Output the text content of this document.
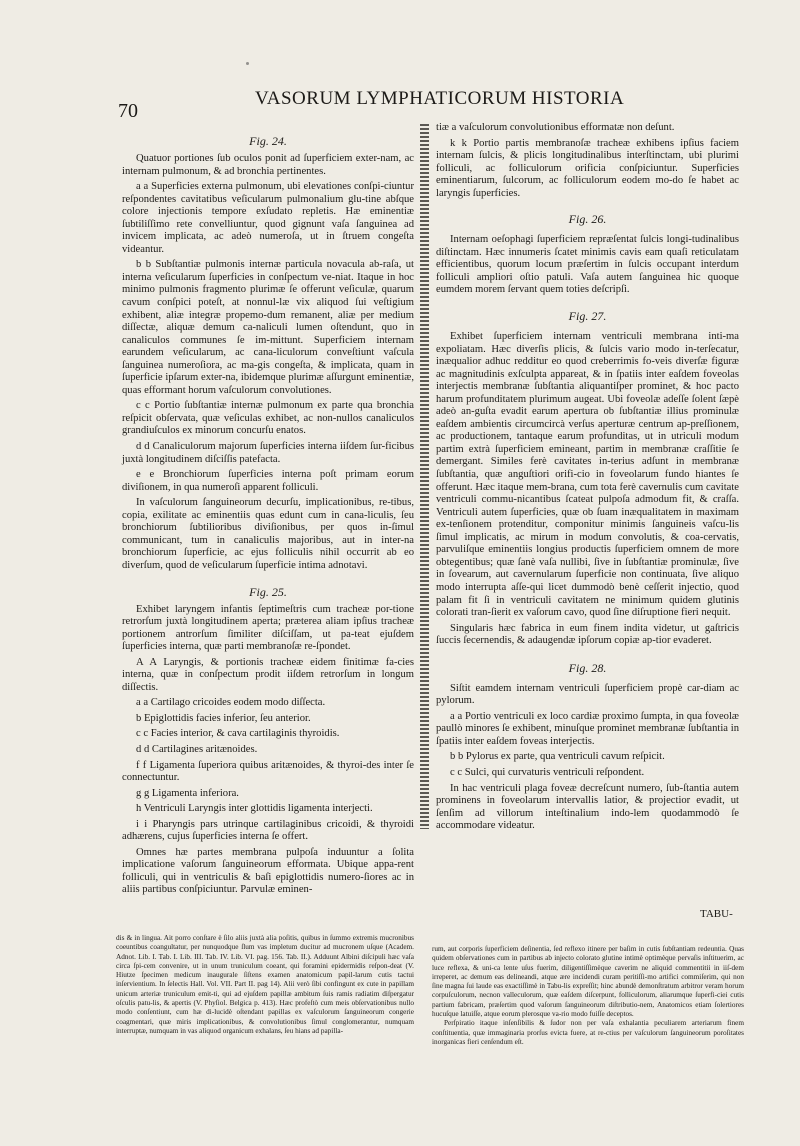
70
VASORUM LYMPHATICORUM HISTORIA
Fig. 24.

Quatuor portiones ſub oculos ponit ad ſuperficiem exter-nam, ac internam pulmonum, & ad bronchia pertinentes.

a a Superficies externa pulmonum, ubi elevationes conſpi-ciuntur reſpondentes cavitatibus veſicularum pulmonalium glu-tine abſque colore injectionis tempore exſudato repletis. Hæ eminentiæ ſubtiliſſimo rete convelliuntur, quod gignunt vaſa ſanguinea ad invicem implicata, ac adeò numeroſa, ut in ſtruem congeſta videantur.

b b Subſtantiæ pulmonis internæ particula novacula ab-raſa, ut interna veſicularum ſuperficies in conſpectum ve-niat. Itaque in hoc minimo pulmonis fragmento plurimæ ſe offerunt veſiculæ, quarum cavum conſpici poteſt, at nonnul-læ vix aliquod ſui veſtigium exhibent, aliæ integræ propemo-dum remanent, aliæ per medium diſſectæ, aliquæ demum ca-naliculi lumen oſtendunt, quo in canaliculos communes ſe im-mittunt. Superficiem internam earundem veſicularum, ac cana-liculorum conveſtiunt vaſcula ſanguinea numeroſiora, ac ma-gis congeſta, & implicata, quam in ſuperficie ipſarum exter-na, ibidemque plurimæ aſſurgunt eminentiæ, quas efformant horum vaſculorum convolutiones.

c c Portio ſubſtantiæ internæ pulmonum ex parte qua bronchia reſpicit obſervata, quæ veſiculas exhibet, ac non-nullos canaliculos grandiuſculos ex minorum concurſu enatos.

d d Canaliculorum majorum ſuperficies interna iiſdem ſur-ficibus juxtà longitudinem diſciſſis patefacta.

e e Bronchiorum ſuperficies interna poſt primam eorum diviſionem, in qua numeroſi apparent folliculi.

In vaſculorum ſanguineorum decurſu, implicationibus, re-tibus, copia, exilitate ac eminentiis quas edunt cum in cana-liculis, ſeu bronchiorum ſubtilioribus diviſionibus, per quos in-ſimul communicant, tum in canaliculis majoribus, aut in inter-na bronchiorum ſuperficie, ac ejus folliculis nihil occurrit ab eo diverſum, quod de veſicularum ſuperficie intima adnotavi.

Fig. 25.

Exhibet laryngem infantis ſeptimeſtris cum tracheæ por-tione retrorſum juxtà longitudinem aperta; præterea aliam ipſius tracheæ portionem antrorſum ſimiliter diſciſſam, ut pa-teat ejuſdem ſuperficies interna, quæ parti membranoſæ re-ſpondet.

A A Laryngis, & portionis tracheæ eidem finitimæ fa-cies interna, quæ in conſpectum prodit iiſdem retrorſum in longum diſſectis.

a a Cartilago cricoides eodem modo diſſecta.

b Epiglottidis facies inferior, ſeu anterior.

c c Facies interior, & cava cartilaginis thyroidis.

d d Cartilagines aritænoides.

f f Ligamenta ſuperiora quibus aritænoides, & thyroi-des inter ſe connectuntur.

g g Ligamenta inferiora.

h Ventriculi Laryngis inter glottidis ligamenta interjecti.

i i Pharyngis pars utrinque cartilaginibus cricoidi, & thyroidi adhærens, cujus ſuperficies interna ſe offert.

Omnes hæ partes membrana pulpoſa induuntur a ſolita implicatione vaſorum ſanguineorum efformata. Ubique appa-rent folliculi, qui in ventriculis & baſi epiglottidis numero-ſiores ac in aliis partibus conſpiciuntur. Parvulæ eminen-

tiæ a vaſculorum convolutionibus efformatæ non deſunt.

k k Portio partis membranoſæ tracheæ exhibens ipſius faciem internam ſulcis, & plicis longitudinalibus interſtinctam, ubi plurimi folliculi, ac folliculorum orificia conſpiciuntur. Superficies eminentiarum, ſulcorum, ac folliculorum eodem mo-do ſe habet ac laryngis ſuperficies.

Fig. 26.

Internam oeſophagi ſuperficiem repræſentat ſulcis longi-tudinalibus diſtinctam. Hæc innumeris ſcatet minimis cavis eam quaſi reticulatam efficientibus, quorum locum præſertim in ſulcis occupant interdum folliculi ampliori oſtio patuli. Vaſa autem ſanguinea hic quoque eumdem morem ſervant quem toties deſcripſi.

Fig. 27.

Exhibet ſuperficiem internam ventriculi membrana inti-ma expoliatam. Hæc diverſis plicis, & ſulcis vario modo in-terſecatur, inæqualior adhuc redditur eo quod creberrimis fo-veis diverſæ figuræ ac magnitudinis exſculpta appareat, & in ſpatiis inter eaſdem foveolas interjectis membranæ ſubſtantia aliquantiſper prominet, & hoc pacto harum profunditatem plurimum augeat. Ubi foveolæ adeſſe ſolent ſæpè adeò an-guſta evadit earum apertura ob ſubſtantiæ illius prominulæ eaſdem ambientis circumcircà verſus aperturæ centrum ap-preſſionem, ac productionem, tantaque earum profunditas, ut in utriculi modum partim extrà ſuperficiem emineant, partim in membranæ craſſitie ſe demergant. Similes ferè cavitates in-terius adſunt in membranæ ſubſtantia, quæ anguſtiori orifi-cio in foveolarum fundo hiantes ſe offerunt. Hæc itaque mem-brana, cum tota ferè cavernulis cum cavitate ventriculi commu-nicantibus ſcateat pulpoſa admodum fit, & craſſa. Ventriculi autem ſuperficies, quæ ob ſuam inæqualitatem in maximam ex-tenſionem protenditur, componitur minimis ſanguineis vaſcu-lis ſimul implicatis, ac mirum in modum convolutis, & coa-cervatis, parvuliſque eminentiis longius productis ſuperficiem omnem de more obtegentibus; quæ ſanè vaſa nullibi, ſive in ſubſtantiæ prominulæ, ſive in ſovearum, aut cavernularum ſuperficie non continuata, ſive aliquo modo interrupta aſſe-qui licet dummodò benè ceſſerit injectio, quod palam fit ſi in ventriculi cavitatem ne minimum quidem glutinis colorati tran-ſierit ex vaſorum cavo, quod ſine diſruptione fieri nequit.

Singularis hæc fabrica in eum finem indita videtur, ut gaſtricis ſuccis ſecernendis, & adaugendæ ipſorum copiæ ap-tior evaderet.

Fig. 28.

Siſtit eamdem internam ventriculi ſuperficiem propè car-diam ac pylorum.

a a Portio ventriculi ex loco cardiæ proximo ſumpta, in qua foveolæ paullò minores ſe exhibent, minuſque prominet membranæ ſubſtantia in ſpatiis inter eaſdem foveas interjectis.

b b Pylorus ex parte, qua ventriculi cavum reſpicit.

c c Sulci, qui curvaturis ventriculi reſpondent.

In hac ventriculi plaga foveæ decreſcunt numero, ſub-ſtantia autem prominens in foveolarum intervallis latior, & projectior evadit, ut ſenſim ad villorum inteſtinalium indo-lem quodammodò ſe accommodare videatur.

TABU-

dis & in lingua. Ait porro conſtare è ſilo aliis juxtà alia poſitis, quibus in ſummo extremis mucronibus coeuntibus coangultatur, per nunquodque ſlum vas impletum ducitur ad mucronem uſque (Academ. Adnot. Lib. I. Tab. I. Lib. III. Tab. IV. Lib. VI. pag. 156. Tab. II.). Adduunt Albini diſcipuli hæc vaſa circa ſpi-cem convenire, ut in unum truniculum coeant, qui foramini epidermidis reſpon-deat (V. Hiutze ſpecimen medicum inaugurale ſiſtens examen anatomicum papil-larum cutis tactui inſervientium. In ſelectis Hall. Vol. VII. Part II. pag 14). Alii verò ſibi confingunt ex cute in papillam unicum arteriæ truniculum emit-ti, qui ad ejuſdem papillæ ambitum ſuis ramis radiatim diſpergatur oſculis patu-lis, & apertis (V. Phyſiol. Belgica p. 413). Hæc profeſtò cum meis obſervationibus nullo modo conſentiunt, cum hæ di-lucidè oſtendant papillas ex vaſculorum ſanguineorum congerie coagmentari, quæ miris implicationibus, & convolutionibus ſimul conglomerantur, numquam interruptæ, numquam in vas aliquod organicum exhalans, ſeu hians ad papilla-

rum, aut corporis ſuperficiem deſinentia, ſed reflexo itinere per baſim in cutis ſubſtantiam redeuntia. Quas quidem obſervationes cum in partibus ab injecto colorato glutine intimè optimèque pervaſis inſtituerim, ac luce reflexa, & uni-ca lente uſus fuerim, diligentiſſimèque caverim ne aliquid commentitii in iiſ-dem irreperet, ac demum eas delineandi, atque ære incidendi curam peritiſſi-mo artifici commiſerim, qui non ſine magna ſui laude eas exactiſſimè in Tabu-lis expreſſit; hinc abundè demonſtratum arbitror veram horum corpuſculorum, necnon valleculorum, quæ eaſdem diſcerpunt, folliculorum, aliarumque ſuperfi-ciei cutis partium fabricam, præſertim quod vaſorum ſanguineorum diſtributio-nem, Anatomicos etiam ſolertiores hucuſque latuiſſe, atque eorum plerosque va-rio modo fuiſſe deceptos.

Perſpiratio itaque inſenſibilis & ſudor non per vaſa exhalantia peculiarem arteriarum finem conſtituentia, quæ immaginaria prorſus evicta fuere, at re-ctius per vaſculorum ſanguineorum poroſitates inorganicas fieri cenſendum eſt.
